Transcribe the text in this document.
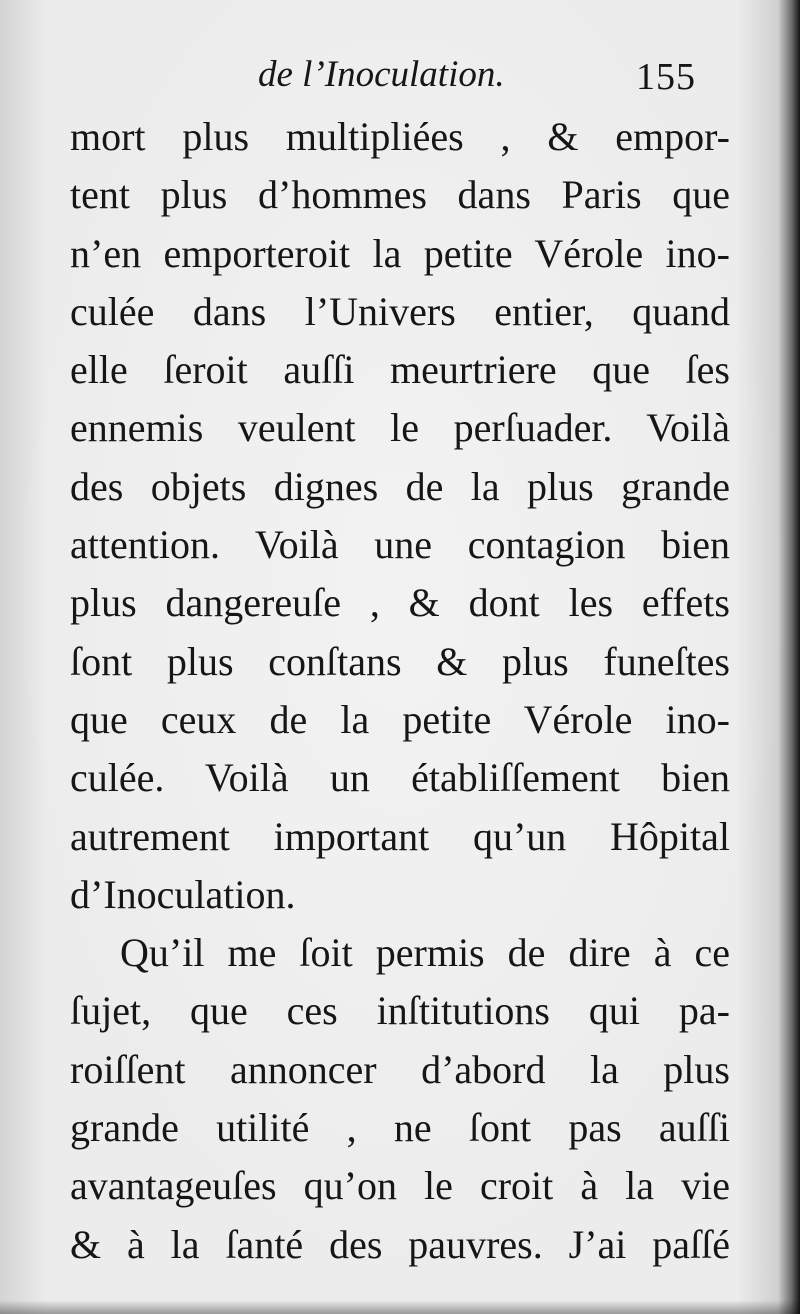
de l’Inoculation.	155
mort plus multipliées , & empor-
tent plus d’hommes dans Paris que
n’en emporteroit la petite Vérole ino-
culée dans l’Univers entier, quand
elle ſeroit auſſi meurtriere que ſes
ennemis veulent le perſuader. Voilà
des objets dignes de la plus grande
attention. Voilà une contagion bien
plus dangereuſe , & dont les effets
ſont plus conſtans & plus funeſtes
que ceux de la petite Vérole ino-
culée. Voilà un établiſſement bien
autrement important qu’un Hôpital
d’Inoculation.
Qu’il me ſoit permis de dire à ce
ſujet, que ces inſtitutions qui pa-
roiſſent annoncer d’abord la plus
grande utilité , ne ſont pas auſſi
avantageuſes qu’on le croit à la vie
& à la ſanté des pauvres. J’ai paſſé
